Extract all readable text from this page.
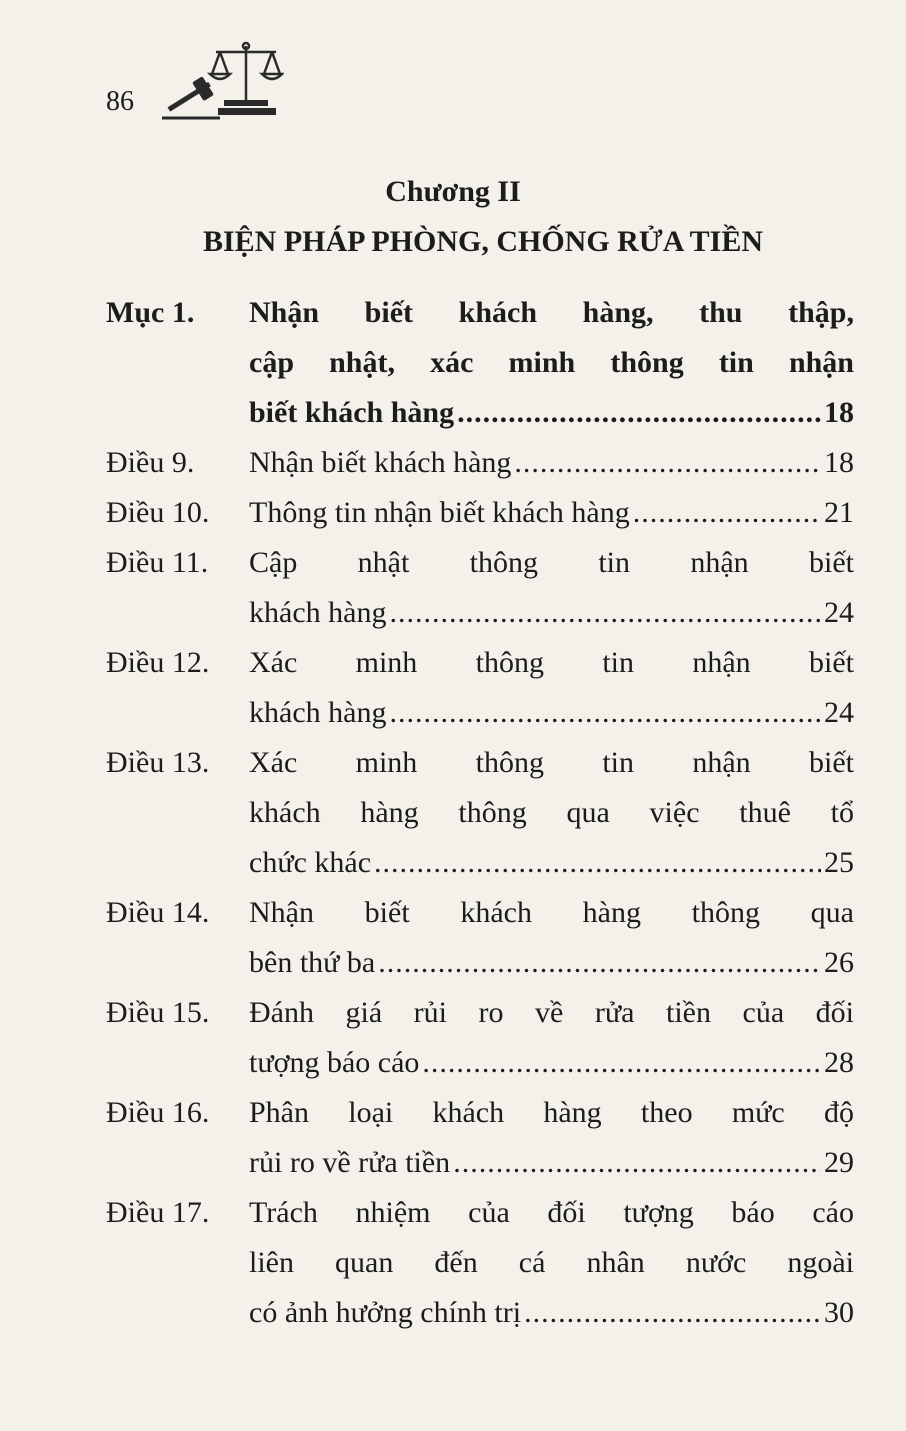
86
Chương II
BIỆN PHÁP PHÒNG, CHỐNG RỬA TIỀN
Mục 1. Nhận biết khách hàng, thu thập,
cập nhật, xác minh thông tin nhận
biết khách hàng .....	18
Điều 9. Nhận biết khách hàng .....	18
Điều 10. Thông tin nhận biết khách hàng .....	21
Điều 11. Cập nhật thông tin nhận biết
khách hàng .....	24
Điều 12. Xác minh thông tin nhận biết
khách hàng .....	24
Điều 13. Xác minh thông tin nhận biết
khách hàng thông qua việc thuê tổ
chức khác .....	25
Điều 14. Nhận biết khách hàng thông qua
bên thứ ba .....	26
Điều 15. Đánh giá rủi ro về rửa tiền của đối
tượng báo cáo .....	28
Điều 16. Phân loại khách hàng theo mức độ
rủi ro về rửa tiền .....	29
Điều 17. Trách nhiệm của đối tượng báo cáo
liên quan đến cá nhân nước ngoài
có ảnh hưởng chính trị .....	30
